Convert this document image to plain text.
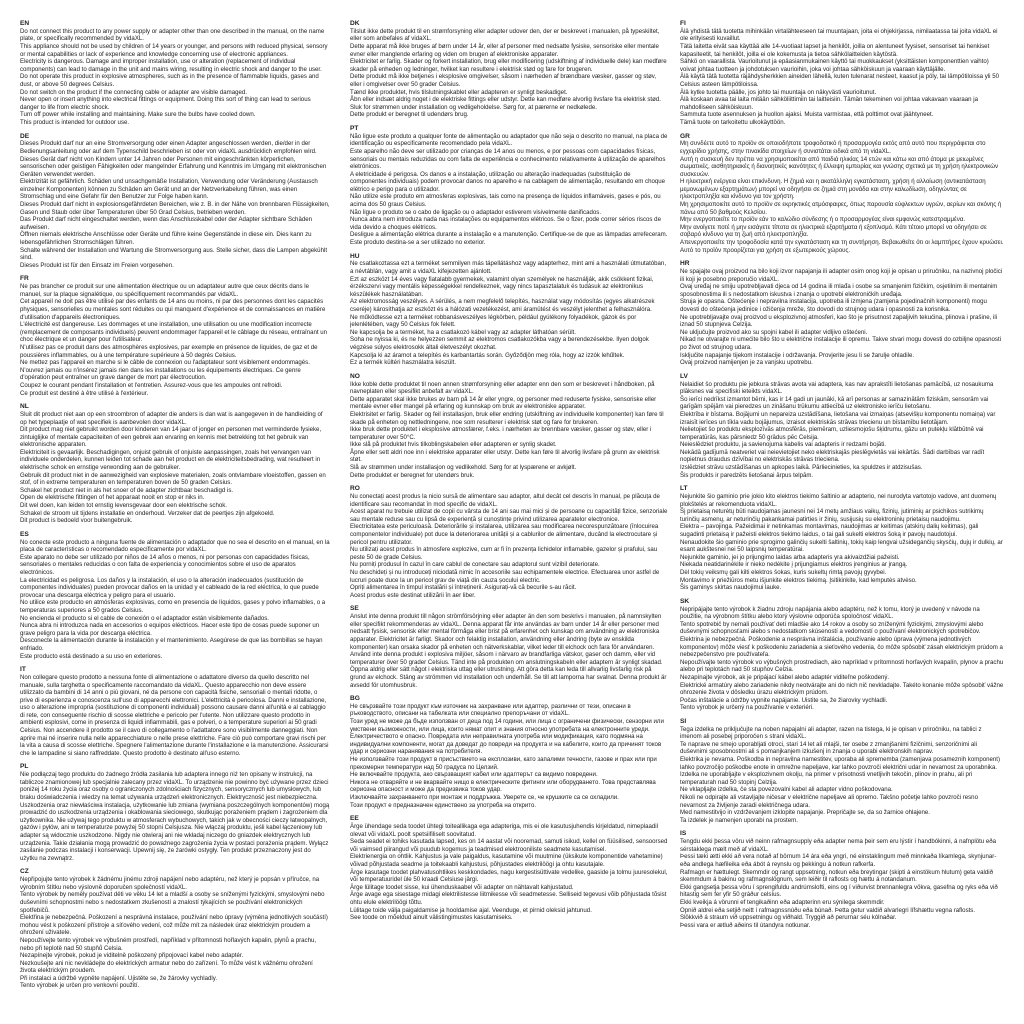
EN
Do not connect this product to any power supply or adapter other than one described in the manual, on the name plate, or specifically recommended by vidaXL.
This appliance should not be used by children of 14 years or younger, and persons with reduced physical, sensory or mental capabilities or lack of experience and knowledge concerning use of electronic appliances.
Electricity is dangerous. Damage and improper installation, use or alteration (replacement of individual components) can lead to damage in the unit and mains wiring, resulting in electric shock and danger to the user.
Do not operate this product in explosive atmospheres, such as in the presence of flammable liquids, gases and dust, or above 50 degrees Celsius.
Do not switch on the product if the connecting cable or adapter are visible damaged.
Never open or insert anything into electrical fittings or equipment. Doing this sort of thing can lead to serious danger to life from electric shock.
Turn off power while installing and maintaining. Make sure the bulbs have cooled down.
This product is intended for outdoor use.
DE
Dieses Produkt darf nur an eine Stromversorgung oder einen Adapter angeschlossen werden, die/der in der Bedienungsanleitung oder auf dem Typenschild beschrieben ist oder von vidaXL ausdrücklich empfohlen wird.
Dieses Gerät darf nicht von Kindern unter 14 Jahren oder Personen mit eingeschränkten körperlichen, sensorischen oder geistigen Fähigkeiten oder mangelnder Erfahrung und Kenntnis im Umgang mit elektronischen Geräten verwendet werden.
Elektrizität ist gefährlich. Schäden und unsachgemäße Installation, Verwendung oder Veränderung (Austausch einzelner Komponenten) können zu Schäden am Gerät und an der Netzverkabelung führen, was einen Stromschlag und eine Gefahr für den Benutzer zur Folge haben kann.
Dieses Produkt darf nicht in explosionsgefährdeten Bereichen, wie z. B. in der Nähe von brennbaren Flüssigkeiten, Gasen und Staub oder über Temperaturen über 50 Grad Celsius, betrieben werden.
Das Produkt darf nicht eingeschaltet werden, wenn das Anschlusskabel oder der Adapter sichtbare Schäden aufweisen.
Öffnen niemals elektrische Anschlüsse oder Geräte und führe keine Gegenstände in diese ein. Dies kann zu lebensgefährlichen Stromschlägen führen.
Schalte während der Installation und Wartung die Stromversorgung aus. Stelle sicher, dass die Lampen abgekühlt sind.
Dieses Produkt ist für den Einsatz im Freien vorgesehen.
FR
Ne pas brancher ce produit sur une alimentation électrique ou un adaptateur autre que ceux décrits dans le manuel, sur la plaque signalétique, ou spécifiquement recommandés par vidaXL.
Cet appareil ne doit pas être utilisé par des enfants de 14 ans ou moins, ni par des personnes dont les capacités physiques, sensorielles ou mentales sont réduites ou qui manquent d'expérience et de connaissances en matière d'utilisation d'appareils électroniques.
L'électricité est dangereuse. Les dommages et une installation, une utilisation ou une modification incorrecte (remplacement de composants individuels) peuvent endommager l'appareil et le câblage du réseau, entraînant un choc électrique et un danger pour l'utilisateur.
N'utilisez pas ce produit dans des atmosphères explosives, par exemple en présence de liquides, de gaz et de poussières inflammables, ou à une température supérieure à 50 degrés Celsius.
Ne mettez pas l'appareil en marche si le câble de connexion ou l'adaptateur sont visiblement endommagés.
N'ouvrez jamais ou n'insérez jamais rien dans les installations ou les équipements électriques. Ce genre d'opération peut entraîner un grave danger de mort par électrocution.
Coupez le courant pendant l'installation et l'entretien. Assurez-vous que les ampoules ont refroidi.
Ce produit est destiné à être utilisé à l'extérieur.
NL
Sluit dit product niet aan op een stroombron of adapter die anders is dan wat is aangegeven in de handleiding of op het typeplaatje of wat specifiek is aanbevolen door vidaXL.
Dit product mag niet gebruikt worden door kinderen van 14 jaar of jonger en personen met verminderde fysieke, zintuiglijke of mentale capaciteiten of een gebrek aan ervaring en kennis met betrekking tot het gebruik van elektronische apparaten.
Elektriciteit is gevaarlijk. Beschadigingen, onjuist gebruik of onjuiste aanpassingen, zoals het vervangen van individuele onderdelen, kunnen leiden tot schade aan het product en de elektriciteitsbedrading, wat resulteert in elektrische schok en ernstige verwonding aan de gebruiker.
Gebruik dit product niet in de aanwezigheid van explosieve materialen, zoals ontvlambare vloeistoffen, gassen en stof, of in extreme temperaturen en temperaturen boven de 50 graden Celsius.
Schakel het product niet in als het snoer of de adapter zichtbaar beschadigd is.
Open de elektrische fittingen of het apparaat nooit en stop er niks in.
Dit wel doen, kan leiden tot ernstig levensgevaar door een elektrische schok.
Schakel de stroom uit tijdens installatie en onderhoud. Verzeker dat de peertjes zijn afgekoeld.
Dit product is bedoeld voor buitengebruik.
ES
No conecte este producto a ninguna fuente de alimentación o adaptador que no sea el descrito en el manual, en la placa de características o recomendado específicamente por vidaXL.
Este aparato no debe ser utilizado por niños de 14 años o menos, ni por personas con capacidades físicas, sensoriales o mentales reducidas o con falta de experiencia y conocimientos sobre el uso de aparatos electrónicos.
La electricidad es peligrosa. Los daños y la instalación, el uso o la alteración inadecuados (sustitución de componentes individuales) pueden provocar daños en la unidad y el cableado de la red eléctrica, lo que puede provocar una descarga eléctrica y peligro para el usuario.
No utilice este producto en atmósferas explosivas, como en presencia de líquidos, gases y polvo inflamables, o a temperaturas superiores a 50 grados Celsius.
No encienda el producto si el cable de conexión o el adaptador están visiblemente dañados.
Nunca abra ni introduzca nada en accesorios o equipos eléctricos. Hacer este tipo de cosas puede suponer un grave peligro para la vida por descarga eléctrica.
Desconecte la alimentación durante la instalación y el mantenimiento. Asegúrese de que las bombillas se hayan enfriado.
Este producto está destinado a su uso en exteriores.
IT
Non collegare questo prodotto a nessuna fonte di alimentazione o adattatore diverso da quello descritto nel manuale, sulla targhetta o specificamente raccomandato da vidaXL. Questo apparecchio non deve essere utilizzato da bambini di 14 anni o più giovani, né da persone con capacità fisiche, sensoriali o mentali ridotte, o prive di esperienza e conoscenza sull'uso di apparecchi elettronici. L'elettricità è pericolosa. Danni e installazione, uso o alterazione impropria (sostituzione di componenti individuali) possono causare danni all'unità e al cablaggio di rete, con conseguente rischio di scosse elettriche e pericolo per l'utente. Non utilizzare questo prodotto in ambienti esplosivi, come in presenza di liquidi infiammabili, gas e polveri, o a temperature superiori ai 50 gradi Celsius. Non accendere il prodotto se il cavo di collegamento o l'adattatore sono visibilmente danneggiati. Non aprire mai né inserire nulla nelle apparecchiature o nelle prese elettriche. Fare ciò può comportare gravi rischi per la vita a causa di scosse elettriche. Spegnere l'alimentazione durante l'installazione e la manutenzione. Assicurarsi che le lampadine si siano raffreddate. Questo prodotto è destinato all'uso esterno.
PL
Nie podłączaj tego produktu do żadnego źródła zasilania lub adaptera innego niż ten opisany w instrukcji, na tabliczce znamionowej lub specjalnie zalecany przez vidaXL. To urządzenie nie powinno być używane przez dzieci poniżej 14 roku życia oraz osoby o ograniczonych zdolnościach fizycznych, sensorycznych lub umysłowych, lub braku doświadczenia i wiedzy na temat używania urządzeń elektronicznych. Elektryczność jest niebezpieczna. Uszkodzenia oraz niewłaściwa instalacja, użytkowanie lub zmiana (wymiana poszczególnych komponentów) mogą prowadzić do uszkodzenia urządzenia i okablowania sieciowego, skutkując porażeniem prądem i zagrożeniem dla użytkownika. Nie używaj tego produktu w atmosferach wybuchowych, takich jak w obecności cieczy łatwopalnych, gazów i pyłów, ani w temperaturze powyżej 50 stopni Celsjusza. Nie włączaj produktu, jeśli kabel łączeniowy lub adapter są widocznie uszkodzone. Nigdy nie otwieraj ani nie wkładaj niczego do gniazdek elektrycznych lub urządzenia. Takie działania mogą prowadzić do poważnego zagrożenia życia w postaci porażenia prądem. Wyłącz zasilanie podczas instalacji i konserwacji. Upewnij się, że żarówki ostygły. Ten produkt przeznaczony jest do użytku na zewnątrz.
CZ
Nepřipojujte tento výrobek k žádnému jinému zdroji napájení nebo adaptéru, než který je popsán v příručce, na výrobním štítku nebo výslovně doporučen společností vidaXL.
Tento výrobek by neměly používat děti ve věku 14 let a mladší a osoby se sníženými fyzickými, smyslovými nebo duševními schopnostmi nebo s nedostatkem zkušeností a znalostí týkajících se používání elektronických spotřebičů.
Elektřina je nebezpečná. Poškození a nesprávná instalace, používání nebo úpravy (výměna jednotlivých součástí) mohou vést k poškození přístroje a síťového vedení, což může mít za následek úraz elektrickým proudem a ohrožení uživatele.
Nepoužívejte tento výrobek ve výbušném prostředí, například v přítomnosti hořlavých kapalin, plynů a prachu, nebo při teplotě nad 50 stupňů Celsia.
Nezapínejte výrobek, pokud je viditelně poškozený připojovací kabel nebo adaptér.
Nezkoušejte ani nic nevkládejte do elektrických armatur nebo do zařízení. To může vést k vážnému ohrožení života elektrickým proudem.
Při instalaci a údržbě vypněte napájení. Ujistěte se, že žárovky vychladly.
Tento výrobek je určen pro venkovní použití.
DK
Tilslut ikke dette produkt til en strømforsyning eller adapter udover den, der er beskrevet i manualen, på typeskiltet, eller som anbefales af vidaXL.
Dette apparat må ikke bruges af børn under 14 år, eller af personer med nedsatte fysiske, sensoriske eller mentale evner eller manglende erfaring og viden om brugen af elektroniske apparater.
Elektricitet er farlig. Skader og forkert installation, brug eller modificering (udskiftning af individuelle dele) kan medføre skader på enheden og ledninger, hvilket kan resultere i elektrisk stød og fare for brugeren.
Dette produkt må ikke betjenes i eksplosive omgivelser, såsom i nærheden af brændbare væsker, gasser og støv, eller i omgivelser over 50 grader Celsius.
Tænd ikke produktet, hvis tilslutningskablet eller adapteren er synligt beskadiget.
Åbn eller indsæt aldrig noget i de elektriske fittings eller udstyr. Dette kan medføre alvorlig livsfare fra elektrisk stød.
Sluk for strømmen under installation og vedligeholdelse. Sørg for, at pærerne er nedkølede.
Dette produkt er beregnet til udendørs brug.
PT
Não ligue este produto a qualquer fonte de alimentação ou adaptador que não seja o descrito no manual, na placa de identificação ou especificamente recomendado pela vidaXL.
Este aparelho não deve ser utilizado por crianças de 14 anos ou menos, e por pessoas com capacidades físicas, sensoriais ou mentais reduzidas ou com falta de experiência e conhecimento relativamente à utilização de aparelhos eletrónicos.
A eletricidade é perigosa. Os danos e a instalação, utilização ou alteração inadequadas (substituição de componentes individuais) podem provocar danos no aparelho e na cablagem de alimentação, resultando em choque elétrico e perigo para o utilizador.
Não utilize este produto em atmosferas explosivas, tais como na presença de líquidos inflamáveis, gases e pós, ou acima dos 50 graus Celsius.
Não ligue o produto se o cabo de ligação ou o adaptador estiverem visivelmente danificados.
Nunca abra nem introduza nada nas instalações ou equipamentos elétricos. Se o fizer, pode correr sérios riscos de vida devido a choques elétricos.
Desligue a alimentação elétrica durante a instalação e a manutenção. Certifique-se de que as lâmpadas arrefeceram.
Este produto destina-se a ser utilizado no exterior.
HU
Ne csatlakoztassa ezt a terméket semmilyen más tápellátáshoz vagy adapterhez, mint ami a használati útmutatóban, a névtáblán, vagy amit a vidaXL kifejezetten ajánlott.
Ezt az eszközt 14 éves vagy fiatalabb gyermekek, valamint olyan személyek ne használják, akik csökkent fizikai, érzékszervi vagy mentális képességekkel rendelkeznek, vagy nincs tapasztalatuk és tudásuk az elektronikus készülékek használatában.
Az elektromosság veszélyes. A sérülés, a nem megfelelő telepítés, használat vagy módosítás (egyes alkatrészek cseréje) károsíthatja az eszközt és a hálózati vezetékezést, ami áramütést és veszélyt jelenthet a felhasználóra.
Ne működtesse ezt a terméket robbanásveszélyes légkörben, például gyúlékony folyadékok, gázok és por jelenlétében, vagy 50 Celsius fok felett.
Ne kapcsolja be a terméket, ha a csatlakozó kábel vagy az adapter láthatóan sérült.
Soha ne nyissa ki, és ne helyezzen semmit az elektromos csatlakozókba vagy a berendezésekbe. Ilyen dolgok végzése súlyos elektrosokk általi életveszélyt okozhat.
Kapcsolja ki az áramot a telepítés és karbantartás során. Győződjön meg róla, hogy az izzók lehűltek.
Ez a termék kültéri használatra készült.
NO
Ikke koble dette produktet til noen annen strømforsyning eller adapter enn den som er beskrevet i håndboken, på navneplaten eller spesifikt anbefalt av vidaXL.
Dette apparatet skal ikke brukes av barn på 14 år eller yngre, og personer med reduserte fysiske, sensoriske eller mentale evner eller mangel på erfaring og kunnskap om bruk av elektroniske apparater.
Elektrisitet er farlig. Skader og feil installasjon, bruk eller endring (utskiftning av individuelle komponenter) kan føre til skade på enheten og nettledningene, noe som resulterer i elektrisk støt og fare for brukeren.
Ikke bruk dette produktet i eksplosive atmosfærer, f.eks. i nærheten av brennbare væsker, gasser og støv, eller i temperaturer over 50°C.
Ikke slå på produktet hvis tilkoblingskabelen eller adapteren er synlig skadet.
Åpne eller sett aldri noe inn i elektriske apparater eller utstyr. Dette kan føre til alvorlig livsfare på grunn av elektrisk støt.
Slå av strømmen under installasjon og vedlikehold. Sørg for at lyspærene er avkjølt.
Dette produktet er beregnet for utendørs bruk.
RO
Nu conectați acest produs la nicio sursă de alimentare sau adaptor, altul decât cel descris în manual, pe plăcuța de identificare sau recomandat în mod specific de vidaXL.
Acest aparat nu trebuie utilizat de copii cu vârsta de 14 ani sau mai mici și de persoane cu capacități fizice, senzoriale sau mentale reduse sau cu lipsă de experiență și cunoștințe privind utilizarea aparatelor electronice.
Electricitatea este periculoasă. Deteriorările și instalarea, utilizarea sau modificarea necorespunzătoare (înlocuirea componentelor individuale) pot duce la deteriorarea unității și a cablurilor de alimentare, ducând la electrocutare și pericol pentru utilizator.
Nu utilizați acest produs în atmosfere explozive, cum ar fi în prezența lichidelor inflamabile, gazelor și prafului, sau peste 50 de grade Celsius.
Nu porniți produsul în cazul în care cablul de conectare sau adaptorul sunt vizibil deteriorate.
Nu deschideți și nu introduceți niciodată nimic în accesoriile sau echipamentele electrice. Efectuarea unor astfel de lucruri poate duce la un pericol grav de viață din cauza șocului electric.
Opriți alimentarea în timpul instalării și întreținerii. Asigurați-vă că becurile s-au răcit.
Acest produs este destinat utilizării în aer liber.
SE
Anslut inte denna produkt till någon strömförsörjning eller adapter än den som beskrivs i manualen, på namnskylten eller specifikt rekommenderas av vidaXL. Denna apparat får inte användas av barn under 14 år eller personer med nedsatt fysisk, sensorisk eller mental förmåga eller brist på erfarenhet och kunskap om användning av elektroniska apparater. Elektricitet är farligt. Skador och felaktig installation, användning eller ändring (byte av enskilda komponenter) kan orsaka skador på enheten och nätverkskablar, vilket leder till elchock och fara för användaren. Använd inte denna produkt i explosiva miljöer, såsom i närvaro av brandfarliga vätskor, gaser och damm, eller vid temperaturer över 50 grader Celsius. Tänd inte på produkten om anslutningskabeln eller adaptern är synligt skadad. Öppna aldrig eller sätt något i elektriska uttag eller utrustning. Att göra detta kan leda till allvarlig livsfarlig risk på grund av elchock. Stäng av strömmen vid installation och underhåll. Se till att lamporna har svalnat. Denna produkt är avsedd för utomhusbruk.
BG
Не свързвайте този продукт към източник на захранване или адаптер, различни от тези, описани в ръководството, описани на табелката или специално препоръчани от vidaXL.
Този уред не може да бъде използван от деца под 14 години, или лица с ограничени физически, сензорни или умствени възможности, или лица, които нямат опит и знания относно употребата на електронните уреди.
Електричеството е опасно. Повредата или неправилната употреба или модификация, като подмяна на индивидуални компоненти, могат да доведат до повреди на продукта и на кабелите, които да причинят токов удар и сериозни наранявания на потребителя.
Не използвайте този продукт в присъствието на експлозиви, като запалими течности, газове и прах или при прекомерни температури над 50 градуса по Целзий.
Не включвайте продукта, ако свързващият кабел или адаптерът са видимо повредени.
Никога не отваряйте и не вкарвайте нищо в електрическите фитинги или оборудването. Това представлява сериозна опасност и може да предизвика токов удар.
Изключвайте захранването при монтаж и поддръжка. Уверете се, че крушките са се охладили.
Този продукт е предназначен единствено за употреба на открито.
EE
Ärge ühendage seda toodet ühtegi toiteallikaga ega adapteriga, mis ei ole kasutusjuhendis kirjeldatud, nimeplaadil olevat või vidaXL poolt spetsiifiliselt soovitatud.
Seda seadet ei tohiks kasutada lapsed, kes on 14 aastat või nooremad, samuti isikud, kellel on füüsilised, sensoorsed või vaimsed piirangud või puudub kogemus ja teadmised elektrooniliste seadmete kasutamisel.
Elektrienergia on ohtlik. Kahjustus ja vale paigaldus, kasutamine või muutmine (üksikute komponentide vahetamine) võivad põhjustada seadme ja toitekaabli kahjustusi, põhjustades elektrilöögi ja ohtu kasutajale.
Ärge kasutage toodet plahvatusohtlikes keskkondades, nagu kergestisüttivate vedelike, gaaside ja tolmu juuresolekul, või temperatuuridel üle 50 kraadi Celsiuse järgi.
Ärge lülitage toodet sisse, kui ühenduskaabel või adapter on nähtavalt kahjustatud.
Ärge avage ega sisestage midagi elektrilistesse liitmikesse või seadmetesse. Selliseid tegevusi võib põhjustada tõsist ohtu elule elektrilöögi tõttu.
Lülitage toide välja paigaldamise ja hooldamise ajal. Veenduge, et pirnid oleksid jahtunud.
See toode on mõeldud ainult välistingimustes kasutamiseks.
FI
Älä yhdistä tätä tuotetta mihinkään virtalähteeseen tai muuntajaan, joita ei ohjekirjassa, nimilaatassa tai joita vidaXL ei ole erityisesti kuvaillut.
Tätä laitetta eivät saa käyttää alle 14-vuotiaat lapset ja henkilöt, joilla on alentuneet fyysiset, sensoriset tai henkiset kapasiteetit, tai henkilöt, joilla ei ole kokemusta ja tietoa sähkölaitteiden käytöstä.
Sähkö on vaarallista. Vaurioitunut ja epäasianmukainen käyttö tai muokkaukset (yksittäisten komponenttien vaihto) voivat johtaa tuotteen ja johdotuksen vaurioihin, joka voi johtaa sähköiskuun ja vaaraan käyttäjälle.
Älä käytä tätä tuotetta räjähdysherkkien aineiden lähellä, kuten tulenarat nesteet, kaasut ja pöly, tai lämpötiloissa yli 50 Celsius asteen lämpötiloissa.
Älä kytke tuotetta päälle, jos johto tai muuntaja on näkyvästi vaurioitunut.
Älä koskaan avaa tai laita mitään sähköliittimiin tai laitteisiin. Tämän tekeminen voi johtaa vakavaan vaaraan ja mahdolliseen sähköiskuun.
Sammuta tuote asennuksen ja huollon ajaksi. Muista varmistaa, että polttimot ovat jäähtyneet.
Tämä tuote on tarkoitettu ulkokäyttöön.
GR
Μη συνδέετε αυτό το προϊόν σε οποιοδήποτε τροφοδοτικό ή προσαρμογέα εκτός από αυτό που περιγράφεται στο εγχειρίδιο χρήσης, στην πινακίδα στοιχείων ή συνιστάται ειδικά από τη vidaXL.
Αυτή η συσκευή δεν πρέπει να χρησιμοποιείται από παιδιά ηλικίας 14 ετών και κάτω και από άτομα με μειωμένες σωματικές, αισθητηριακές ή διανοητικές ικανότητες ή έλλειψη εμπειρίας και γνώσης σχετικά με τη χρήση ηλεκτρονικών συσκευών.
Η ηλεκτρική ενέργεια είναι επικίνδυνη. Η ζημιά και η ακατάλληλη εγκατάσταση, χρήση ή αλλοίωση (αντικατάσταση μεμονωμένων εξαρτημάτων) μπορεί να οδηγήσει σε ζημιά στη μονάδα και στην καλωδίωση, οδηγώντας σε ηλεκτροπληξία και κίνδυνο για τον χρήστη.
Μη χρησιμοποιείτε αυτό το προϊόν σε εκρηκτικές ατμόσφαιρες, όπως παρουσία εύφλεκτων υγρών, αερίων και σκόνης ή πάνω από 50 βαθμούς Κελσίου.
Μην ενεργοποιείτε το προϊόν εάν το καλώδιο σύνδεσης ή ο προσαρμογέας είναι εμφανώς κατεστραμμένα.
Μην ανοίγετε ποτέ ή μην εισάγετε τίποτα σε ηλεκτρικά εξαρτήματα ή εξοπλισμό. Κάτι τέτοιο μπορεί να οδηγήσει σε σοβαρό κίνδυνο για τη ζωή από ηλεκτροπληξία.
Απενεργοποιείτε την τροφοδοσία κατά την εγκατάσταση και τη συντήρηση. Βεβαιωθείτε ότι οι λαμπτήρες έχουν κρυώσει.
Αυτό το προϊόν προορίζεται για χρήση σε εξωτερικούς χώρους.
HR
Ne spajajte ovaj proizvod na bilo koji izvor napajanja ili adapter osim onog koji je opisan u priručniku, na nazivnoj pločici ili koji je posebno preporučio vidaXL.
Ovaj uređaj ne smiju upotrebljavati djeca od 14 godina ili mlađa i osobe sa smanjenim fizičkim, osjetilnim ili mentalnim sposobnostima ili s nedostatkom iskustva i znanja o upotrebi elektroničkih uređaja.
Struja je opasna. Oštećenje i nepravilna instalacija, upotreba ili izmjena (zamjena pojedinačnih komponenti) mogu dovesti do oštećenja jedinice i ožičenja mreže, što dovodi do strujnog udara i opasnosti za korisnika.
Ne upotrebljavajte ovaj proizvod u eksplozivnoj atmosferi, kao što je prisutnost zapaljivih tekućina, plinova i prašine, ili iznad 50 stupnjeva Celzija.
Ne uključujte proizvod ako su spojni kabel ili adapter vidljivo oštećeni.
Nikad ne otvarajte ni umećite bilo što u električne instalacije ili opremu. Takve stvari mogu dovesti do ozbiljne opasnosti po život od strujnog udara.
Isključite napajanje tijekom instalacije i održavanja. Provjerite jesu li se žarulje ohladile.
Ovaj proizvod namijenjen je za vanjsku upotrebu.
LV
Nelaidiet šo produktu pie jebkura strāvas avota vai adaptera, kas nav aprakstīti lietošanas pamācībā, uz nosaukuma plāksnes vai specifiski ieteikts vidaXL.
Šo ierīci nedrīkst izmantot bērni, kas ir 14 gadi un jaunāki, kā arī personas ar samazinātām fiziskām, sensorām vai garīgām spējām vai pieredzes un zināšanu trūkumu attiecībā uz elektronisko ierīču lietošanu.
Elektrība ir bīstama. Bojājumi un nepareiza uzstādīšana, lietošana vai izmaiņas (atsevišķu komponentu nomaiņa) var izraisīt ierīces un tīkla vadu bojājumus, izraisot elektriskās strāvas triecienu un bīstamību lietotājam.
Nelietojiet šo produktu eksplozīvās atmosfērās, piemēram, uzliesmojošu šķidrumu, gāzu un putekļu klātbūtnē vai temperatūrās, kas pārsniedz 50 grādus pēc Celsija.
Neieslēdziet produktu, ja savienojuma kabelis vai adapteris ir redzami bojāti.
Nekādā gadījumā neatveriet vai neievietojiet neko elektriskajās pieslēgvietās vai iekārtās. Šādi darbības var radīt nopietnus draudus dzīvībai no elektriskās strāvas trieciena.
Izslēdziet strāvu uzstādīšanas un apkopes laikā. Pārliecinieties, ka spuldzes ir atdzisušas.
Šis produkts ir paredzēts lietošanai ārpus telpām.
LT
Nejunkite šio gaminio prie jokio kito elektros tiekimo šaltinio ar adapterio, nei nurodyta vartotojo vadove, ant duomenų plokštelės ar rekomenduota vidaXL.
Šį prietaisą neturėtų būti naudojamas jaunesni nei 14 metų amžiaus vaikų, fizinių, jutiminių ar psichikos sutrikimų turinčių asmenų, ar neturinčių pakankamai patirties ir žinių, susijusių su elektroninių prietaisų naudojimu.
Elektra – pavojinga. Pažeidimai ir netinkamas montavimas, naudojimas ar keitimas (atskirų dalių keitimas), gali sugadinti prietaisą ir pažeisti elektros tiekimo laidus, o tai gali sukelti elektros šoką ir pavojų naudotojui.
Nenaudokite šio gaminio prie sprogimo galinčių sukelti šaltinių, tokių kaip lengvai užsidegančių skysčių, dujų ir dulkių, ar esant aukštesnei nei 50 laipsnių temperatūrai.
Nejunkite gaminio, jei jo prijungimo laidas arba adapteris yra akivaizdžiai pažeisti.
Niekada neatidarinėkite ir nieko nedėkite į prijungiamus elektros įrenginius ar įrangą.
Dėl tokių veiksmų gali kilti elektros šokas, kuris sukeltų rimtą pavojų gyvybei.
Montavimo ir priežiūros metu išjunkite elektros tiekimą. Įsitikinkite, kad lemputės atvėso.
Šis gaminys skirtas naudojimui lauke.
SK
Nepripájajte tento výrobok k žiadnu zdroju napájania alebo adaptéru, než k tomu, ktorý je uvedený v návode na použitie, na výrobnom štítku alebo ktorý výslovne odporúča spoločnosť vidaXL.
Tento spotrebič by nemali používať deti mladšie ako 14 rokov a osoby so zníženými fyzickými, zmyslovými alebo duševnými schopnosťami alebo s nedostatkom skúseností a vedomostí o používaní elektronických spotrebičov.
Elektrina je nebezpečná. Poškodenie a nesprávna inštalácia, používanie alebo úprava (výmena jednotlivých komponentov) môže viesť k poškodeniu zariadenia a sieťového vedenia, čo môže spôsobiť zásah elektrickým prúdom a nebezpečenstvo pre používateľa.
Nepoužívajte tento výrobok vo výbušných prostrediach, ako napríklad v prítomnosti horľavých kvapalín, plynov a prachu alebo pri teplotách nad 50 stupňov Celzia.
Nezapínajte výrobok, ak je pripájací kábel alebo adaptér viditeľne poškodený.
Elektrické armatúry alebo zariadenie nikdy neotvárajte ani do nich nič nevkladajte. Takéto konanie môže spôsobiť vážne ohrozenie života v dôsledku úrazu elektrickým prúdom.
Počas inštalácie a údržby vypnite napájanie. Uistite sa, že žiarovky vychladli.
Tento výrobok je určený na používanie v exteriéri.
SI
Tega izdelka ne priključujte na noben napajalni ali adapter, razen na tistega, ki je opisan v priročniku, na tablici z imenom ali posebej priporočen s strani vidaXL.
Te naprave ne smejo uporabljati otroci, stari 14 let ali mlajši, ter osebe z zmanjšanimi fizičnimi, senzoričnimi ali duševnimi sposobnostmi ali s pomanjkanjem izkušenj in znanja o uporabi elektronskih naprav.
Elektrika je nevarna. Poškodba in nepravilna namestitev, uporaba ali sprememba (zamenjava posameznih komponent) lahko povzročijo poškodbe enote in omrežne napeljave, kar lahko povzroči električni udar in nevarnost za uporabnika.
Izdelka ne uporabljajte v eksplozivnem okolju, na primer v prisotnosti vnetljivih tekočin, plinov in prahu, ali pri temperaturah nad 50 stopinj Celzija.
Ne vklapljajte izdelka, če sta povezovalni kabel ali adapter vidno poškodovana.
Nikoli ne odpirajte ali vstavljajte ničesar v električne napeljave ali opremo. Takšno početje lahko povzroči resno nevarnost za življenje zaradi električnega udara.
Med namestitvijo in vzdrževanjem izklopite napajanje. Prepričajte se, da so žarnice ohlajene.
Ta izdelek je namenjen uporabi na prostem.
IS
Tengdu ekki þessa vöru við neinn rafmagnsupply eða adapter nema þeir sem eru lýstir í handbókinni, á nafnplötu eða sérstaklega mælt með af vidaXL.
Þessi tæki ætti ekki að vera notað af börnum 14 ára eða yngri, né einstaklingum með minnkaða líkamlega, skynjunar- eða andlega hæfileika eða ábót á reynslu og þekkingu á notkun rafkerfa.
Rafmagn er hættulegt. Skemmdir og rangt uppsetning, notkun eða breytingar (skipti á einstökum hlutum) geta valdið skemmdum á bakinu og rafmagnslögnum, sem leiðir til raflosts og hættu á notandanum.
Ekki gangsetja þessa vöru í sprengifuldu andrúmslofti, eins og í viðurvist brennanlegra vökva, gasefna og ryks eða við hitastig sem fer yfir 50 gráður celsíus.
Ekki kveikja á vörunni ef tengikaðinn eða adapterinn eru sýnilega skemmdir.
Opnið aldrei eða setjið neitt í rafmagnssnúðu eða búnað. Þetta getur valdið alvarlegri lífshættu vegna raflosts.
Slökkvið á straum við uppsetningu og viðhald. Tryggið að perurnar séu kólnaðar.
Þessi vara er ætluð aðeins til útandyra notkunar.
